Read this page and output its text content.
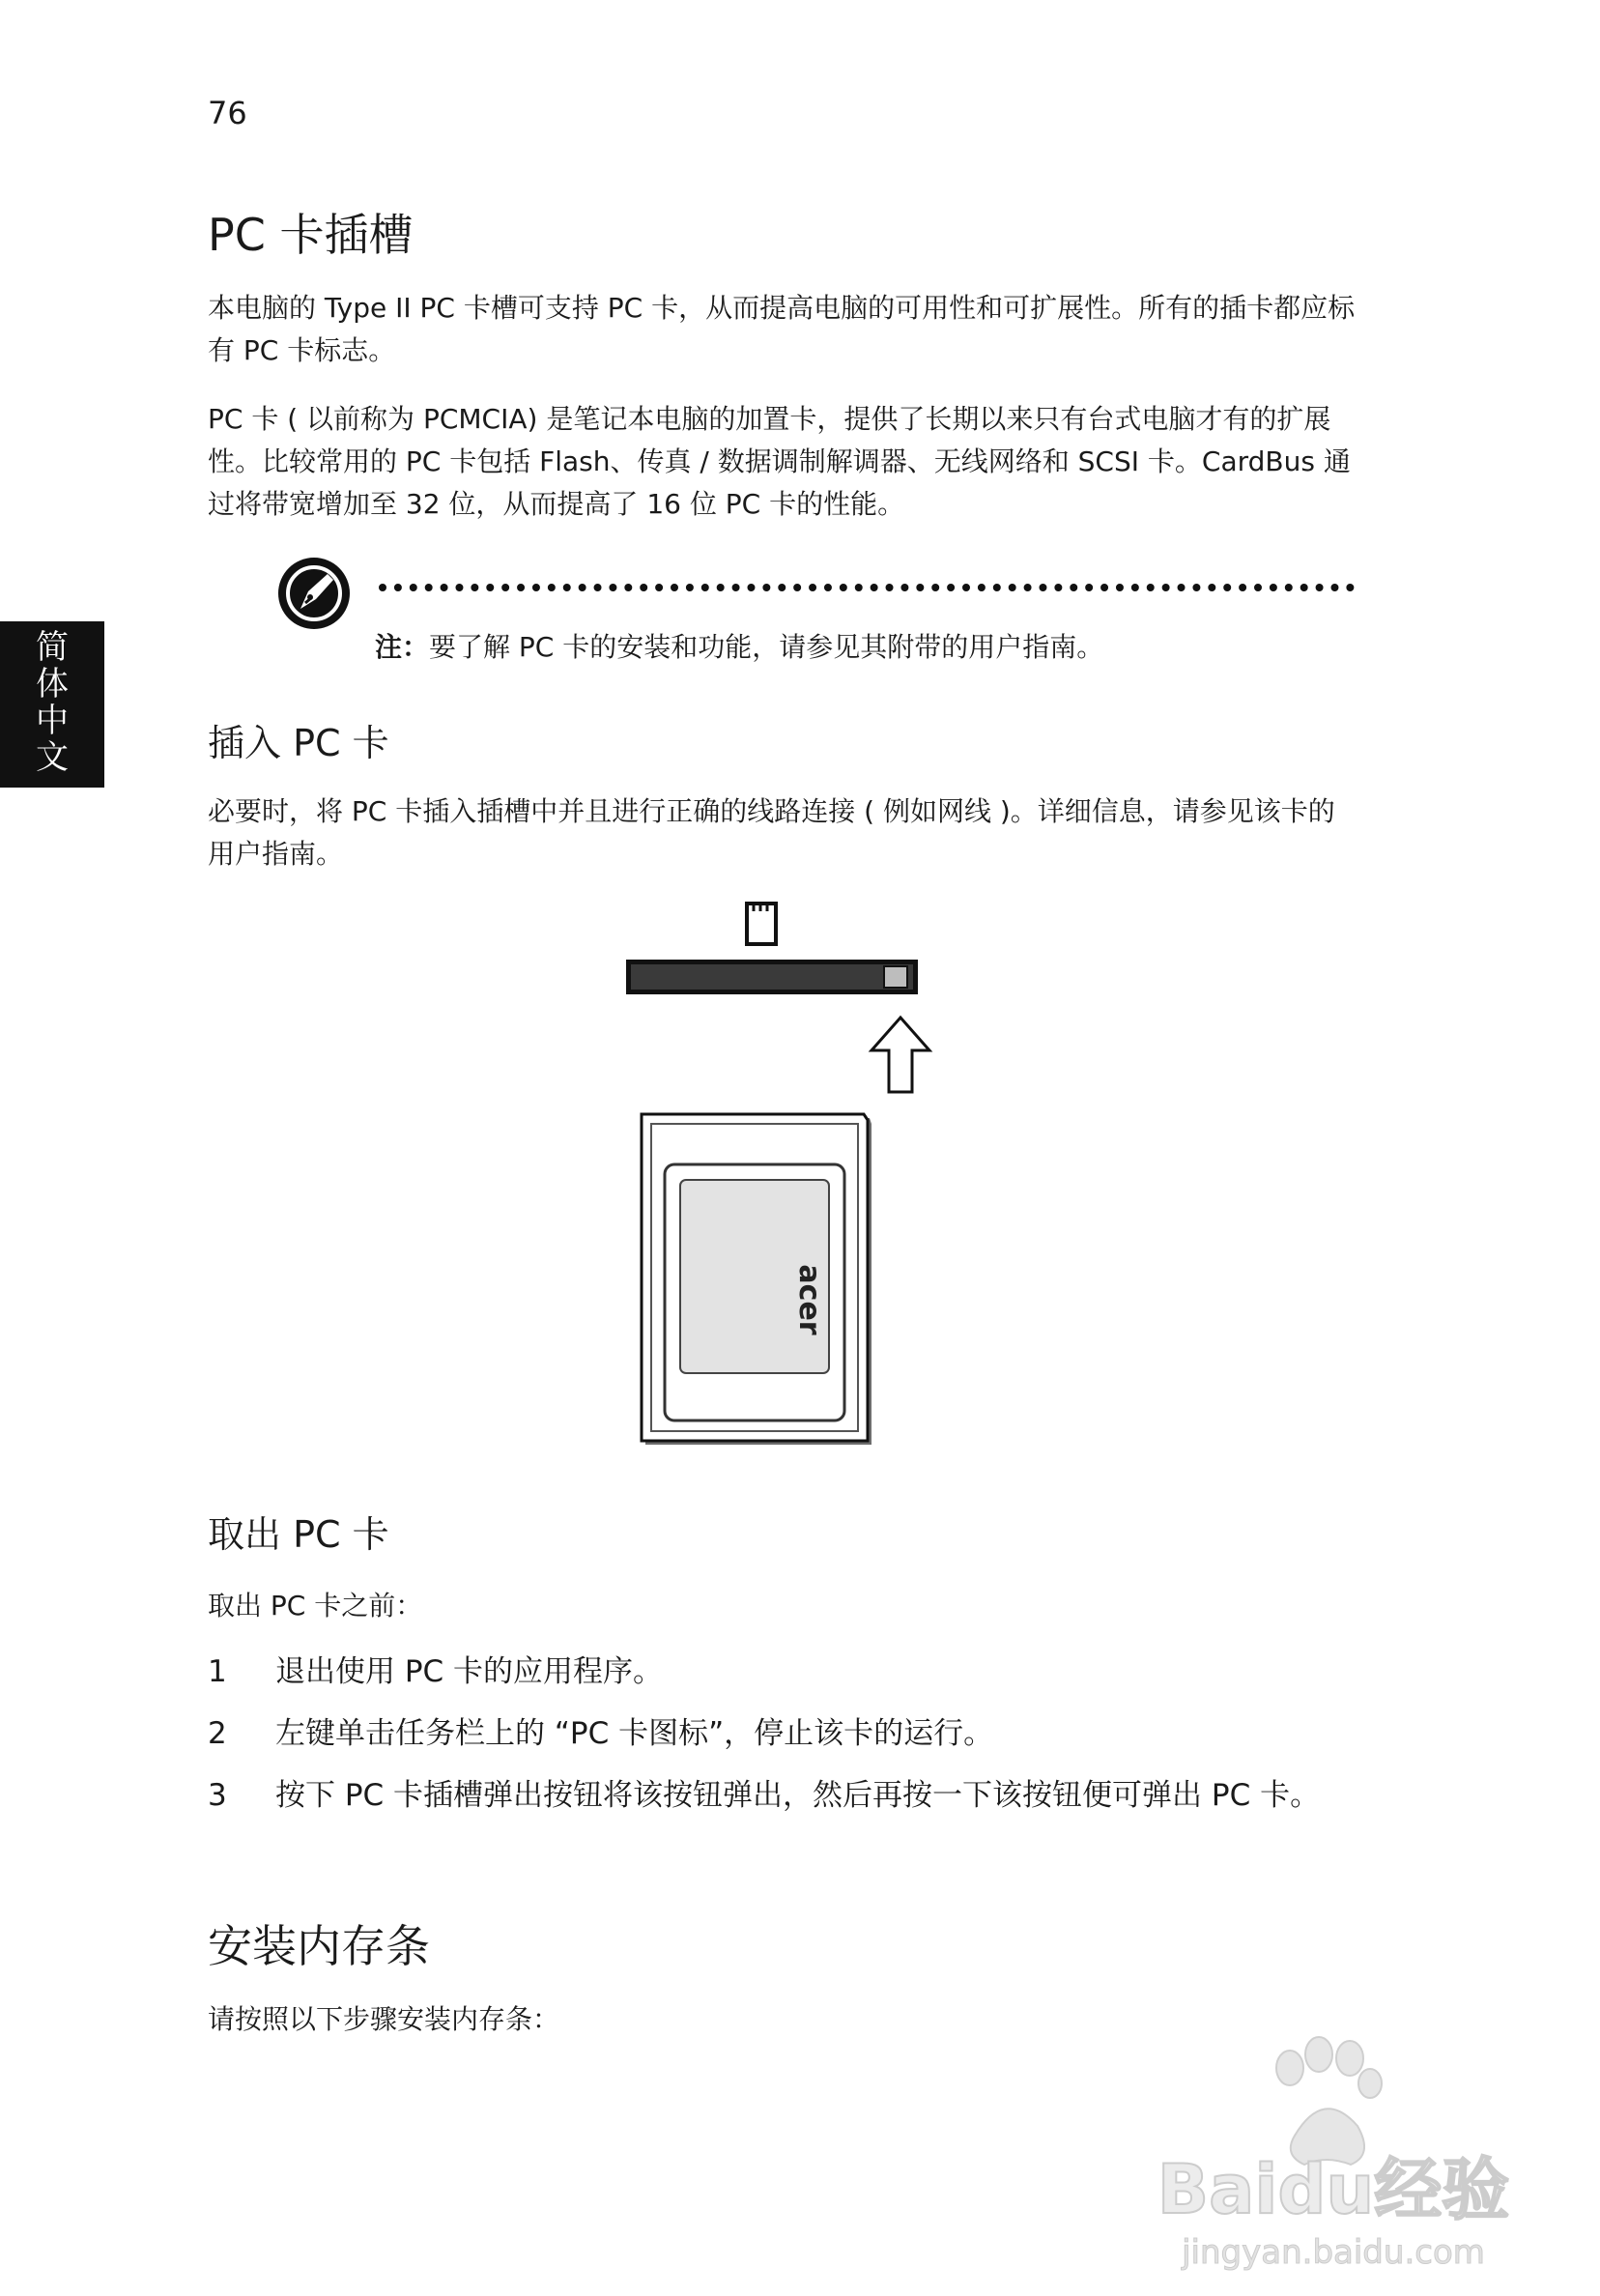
76
简
体
中
文
PC 卡插槽

本电脑的 Type II PC 卡槽可支持 PC 卡，从而提高电脑的可用性和可扩展性。所有的插卡都应标有 PC 卡标志。

PC 卡 ( 以前称为 PCMCIA) 是笔记本电脑的加置卡，提供了长期以来只有台式电脑才有的扩展性。比较常用的 PC 卡包括 Flash、传真 / 数据调制解调器、无线网络和 SCSI 卡。CardBus 通过将带宽增加至 32 位，从而提高了 16 位 PC 卡的性能。

注：要了解 PC 卡的安装和功能，请参见其附带的用户指南。
插入 PC 卡

必要时，将 PC 卡插入插槽中并且进行正确的线路连接 ( 例如网线 )。详细信息，请参见该卡的用户指南。

acer
取出 PC 卡

取出 PC 卡之前：

1 退出使用 PC 卡的应用程序。
2 左键单击任务栏上的 “PC 卡图标”，停止该卡的运行。
3 按下 PC 卡插槽弹出按钮将该按钮弹出，然后再按一下该按钮便可弹出 PC 卡。
安装内存条

请按照以下步骤安装内存条：

Baidu经验
jingyan.baidu.com
